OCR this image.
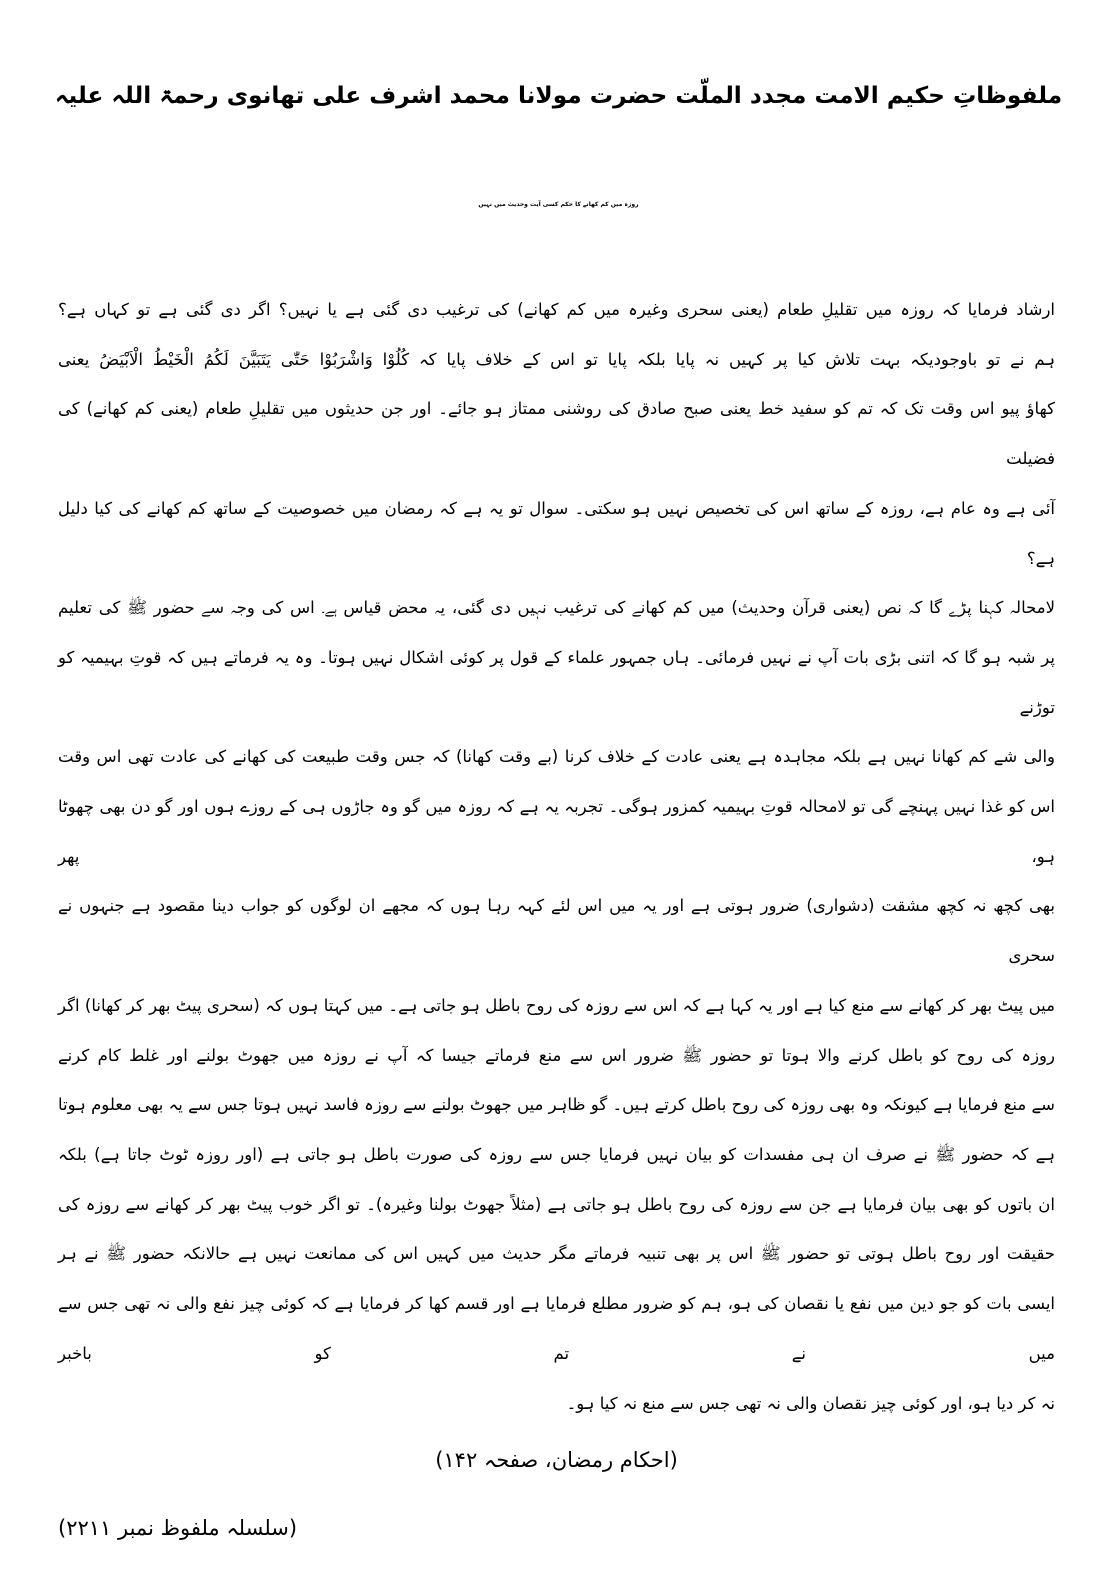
ملفوظاتِ حکیم الامت مجدد الملّت حضرت مولانا محمد اشرف علی تھانوی رحمۃ اللہ علیہ
روزہ میں کم کھانے کا حکم کسی آیت وحدیث میں نہیں
ارشاد فرمایا کہ روزہ میں تقلیلِ طعام (یعنی سحری وغیرہ میں کم کھانے) کی ترغیب دی گئی ہے یا نہیں؟ اگر دی گئی ہے تو کہاں ہے؟
ہم نے تو باوجودیکہ بہت تلاش کیا پر کہیں نہ پایا بلکہ پایا تو اس کے خلاف پایا کہ کُلُوْا وَاشْرَبُوْا حَتّٰی یَتَبَیَّنَ لَکُمُ الْخَیْطُ الْاَبْیَضُ یعنی
کھاؤ پیو اس وقت تک کہ تم کو سفید خط یعنی صبح صادق کی روشنی ممتاز ہو جائے۔ اور جن حدیثوں میں تقلیلِ طعام (یعنی کم کھانے) کی فضیلت
آئی ہے وہ عام ہے، روزہ کے ساتھ اس کی تخصیص نہیں ہو سکتی۔ سوال تو یہ ہے کہ رمضان میں خصوصیت کے ساتھ کم کھانے کی کیا دلیل ہے؟
لامحالہ کہنا پڑے گا کہ نص (یعنی قرآن وحدیث) میں کم کھانے کی ترغیب نہیں دی گئی، یہ محض قیاس ہے۔ اس کی وجہ سے حضور ﷺ کی تعلیم
پر شبہ ہو گا کہ اتنی بڑی بات آپ نے نہیں فرمائی۔ ہاں جمہور علماء کے قول پر کوئی اشکال نہیں ہوتا۔ وہ یہ فرماتے ہیں کہ قوتِ بہیمیہ کو توڑنے
والی شے کم کھانا نہیں ہے بلکہ مجاہدہ ہے یعنی عادت کے خلاف کرنا (بے وقت کھانا) کہ جس وقت طبیعت کی کھانے کی عادت تھی اس وقت
اس کو غذا نہیں پہنچے گی تو لامحالہ قوتِ بہیمیہ کمزور ہوگی۔ تجربہ یہ ہے کہ روزہ میں گو وہ جاڑوں ہی کے روزے ہوں اور گو دن بھی چھوٹا ہو، پھر
بھی کچھ نہ کچھ مشقت (دشواری) ضرور ہوتی ہے اور یہ میں اس لئے کہہ رہا ہوں کہ مجھے ان لوگوں کو جواب دینا مقصود ہے جنہوں نے سحری
میں پیٹ بھر کر کھانے سے منع کیا ہے اور یہ کہا ہے کہ اس سے روزہ کی روح باطل ہو جاتی ہے۔ میں کہتا ہوں کہ (سحری پیٹ بھر کر کھانا) اگر
روزہ کی روح کو باطل کرنے والا ہوتا تو حضور ﷺ ضرور اس سے منع فرماتے جیسا کہ آپ نے روزہ میں جھوٹ بولنے اور غلط کام کرنے
سے منع فرمایا ہے کیونکہ وہ بھی روزہ کی روح باطل کرتے ہیں۔ گو ظاہر میں جھوٹ بولنے سے روزہ فاسد نہیں ہوتا جس سے یہ بھی معلوم ہوتا
ہے کہ حضور ﷺ نے صرف ان ہی مفسدات کو بیان نہیں فرمایا جس سے روزہ کی صورت باطل ہو جاتی ہے (اور روزہ ٹوٹ جاتا ہے) بلکہ
ان باتوں کو بھی بیان فرمایا ہے جن سے روزہ کی روح باطل ہو جاتی ہے (مثلاً جھوٹ بولنا وغیرہ)۔ تو اگر خوب پیٹ بھر کر کھانے سے روزہ کی
حقیقت اور روح باطل ہوتی تو حضور ﷺ اس پر بھی تنبیہ فرماتے مگر حدیث میں کہیں اس کی ممانعت نہیں ہے حالانکہ حضور ﷺ نے ہر
ایسی بات کو جو دین میں نفع یا نقصان کی ہو، ہم کو ضرور مطلع فرمایا ہے اور قسم کھا کر فرمایا ہے کہ کوئی چیز نفع والی نہ تھی جس سے میں نے تم کو باخبر
نہ کر دیا ہو، اور کوئی چیز نقصان والی نہ تھی جس سے منع نہ کیا ہو۔
(احکام رمضان، صفحہ ۱۴۲)
(سلسلہ ملفوظ نمبر ۲۲۱۱)
